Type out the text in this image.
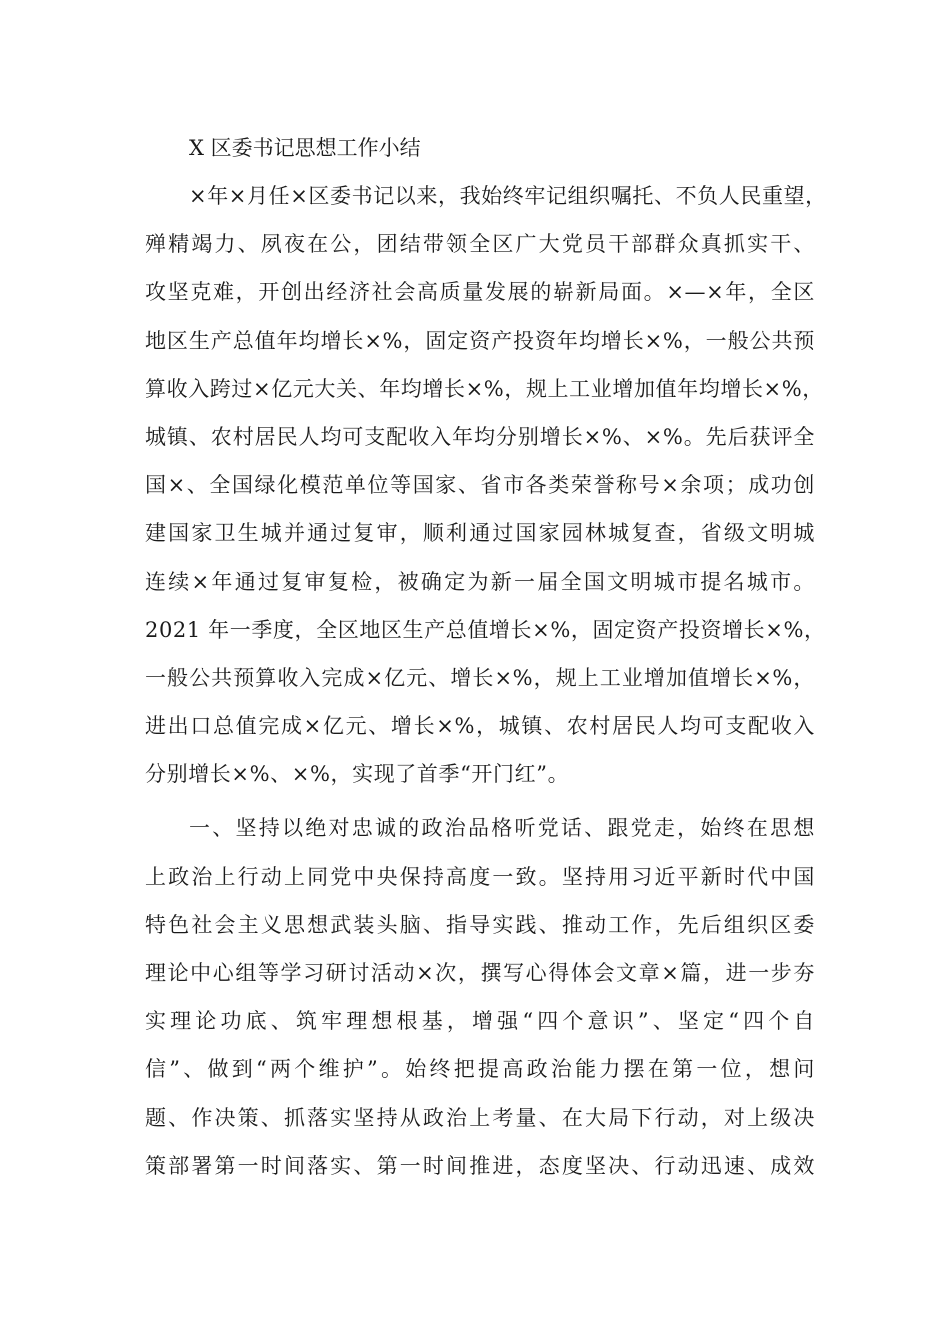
X 区委书记思想工作小结
×年×月任×区委书记以来，我始终牢记组织嘱托、不负人民重望，
殚精竭力、夙夜在公，团结带领全区广大党员干部群众真抓实干、
攻坚克难，开创出经济社会高质量发展的崭新局面。×—×年，全区
地区生产总值年均增长×%，固定资产投资年均增长×%，一般公共预
算收入跨过×亿元大关、年均增长×%，规上工业增加值年均增长×%，
城镇、农村居民人均可支配收入年均分别增长×%、×%。先后获评全
国×、全国绿化模范单位等国家、省市各类荣誉称号×余项；成功创
建国家卫生城并通过复审，顺利通过国家园林城复查，省级文明城
连续×年通过复审复检，被确定为新一届全国文明城市提名城市。
2021 年一季度，全区地区生产总值增长×%，固定资产投资增长×%，
一般公共预算收入完成×亿元、增长×%，规上工业增加值增长×%，
进出口总值完成×亿元、增长×%，城镇、农村居民人均可支配收入
分别增长×%、×%，实现了首季“开门红”。
一、坚持以绝对忠诚的政治品格听党话、跟党走，始终在思想
上政治上行动上同党中央保持高度一致。坚持用习近平新时代中国
特色社会主义思想武装头脑、指导实践、推动工作，先后组织区委
理论中心组等学习研讨活动×次，撰写心得体会文章×篇，进一步夯
实理论功底、筑牢理想根基，增强“四个意识”、坚定“四个自
信”、做到“两个维护”。始终把提高政治能力摆在第一位，想问
题、作决策、抓落实坚持从政治上考量、在大局下行动，对上级决
策部署第一时间落实、第一时间推进，态度坚决、行动迅速、成效
